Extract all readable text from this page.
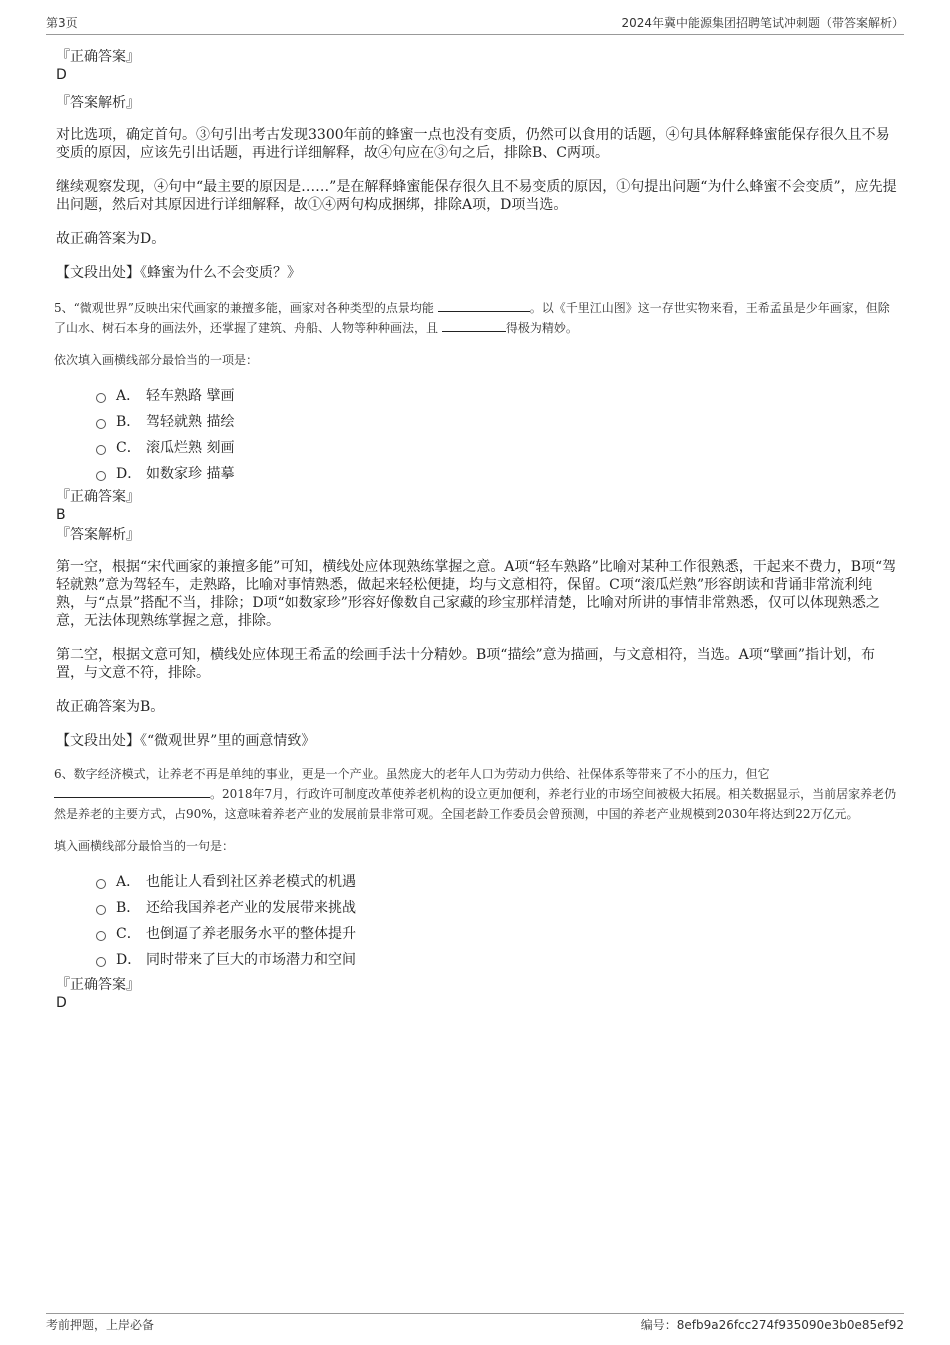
第3页	2024年冀中能源集团招聘笔试冲刺题（带答案解析）

『正确答案』

D

『答案解析』

对比选项，确定首句。③句引出考古发现3300年前的蜂蜜一点也没有变质，仍然可以食用的话题，④句具体解释蜂蜜能保存很久且不易变质的原因，应该先引出话题，再进行详细解释，故④句应在③句之后，排除B、C两项。

继续观察发现，④句中“最主要的原因是……”是在解释蜂蜜能保存很久且不易变质的原因，①句提出问题“为什么蜂蜜不会变质”，应先提出问题，然后对其原因进行详细解释，故①④两句构成捆绑，排除A项，D项当选。

故正确答案为D。

【文段出处】《蜂蜜为什么不会变质？》

5、“微观世界”反映出宋代画家的兼擅多能，画家对各种类型的点景均能	。以《千里江山图》这一存世实物来看，王希孟虽是少年画家，但除了山水、树石本身的画法外，还掌握了建筑、舟船、人物等种种画法，且	得极为精妙。

依次填入画横线部分最恰当的一项是：

A． 轻车熟路 擘画
B． 驾轻就熟 描绘
C． 滚瓜烂熟 刻画
D． 如数家珍 描摹

『正确答案』

B

『答案解析』

第一空，根据“宋代画家的兼擅多能”可知，横线处应体现熟练掌握之意。A项“轻车熟路”比喻对某种工作很熟悉，干起来不费力，B项“驾轻就熟”意为驾轻车，走熟路，比喻对事情熟悉，做起来轻松便捷，均与文意相符，保留。C项“滚瓜烂熟”形容朗读和背诵非常流利纯熟，与“点景”搭配不当，排除；D项“如数家珍”形容好像数自己家藏的珍宝那样清楚，比喻对所讲的事情非常熟悉，仅可以体现熟悉之意，无法体现熟练掌握之意，排除。

第二空，根据文意可知，横线处应体现王希孟的绘画手法十分精妙。B项“描绘”意为描画，与文意相符，当选。A项“擘画”指计划，布置，与文意不符，排除。

故正确答案为B。

【文段出处】《“微观世界”里的画意情致》

6、数字经济模式，让养老不再是单纯的事业，更是一个产业。虽然庞大的老年人口为劳动力供给、社保体系等带来了不小的压力，但它 。2018年7月，行政许可制度改革使养老机构的设立更加便利，养老行业的市场空间被极大拓展。相关数据显示，当前居家养老仍然是养老的主要方式，占90%，这意味着养老产业的发展前景非常可观。全国老龄工作委员会曾预测，中国的养老产业规模到2030年将达到22万亿元。

填入画横线部分最恰当的一句是：

A． 也能让人看到社区养老模式的机遇
B． 还给我国养老产业的发展带来挑战
C． 也倒逼了养老服务水平的整体提升
D． 同时带来了巨大的市场潜力和空间

『正确答案』

D

考前押题，上岸必备	编号：8efb9a26fcc274f935090e3b0e85ef92
